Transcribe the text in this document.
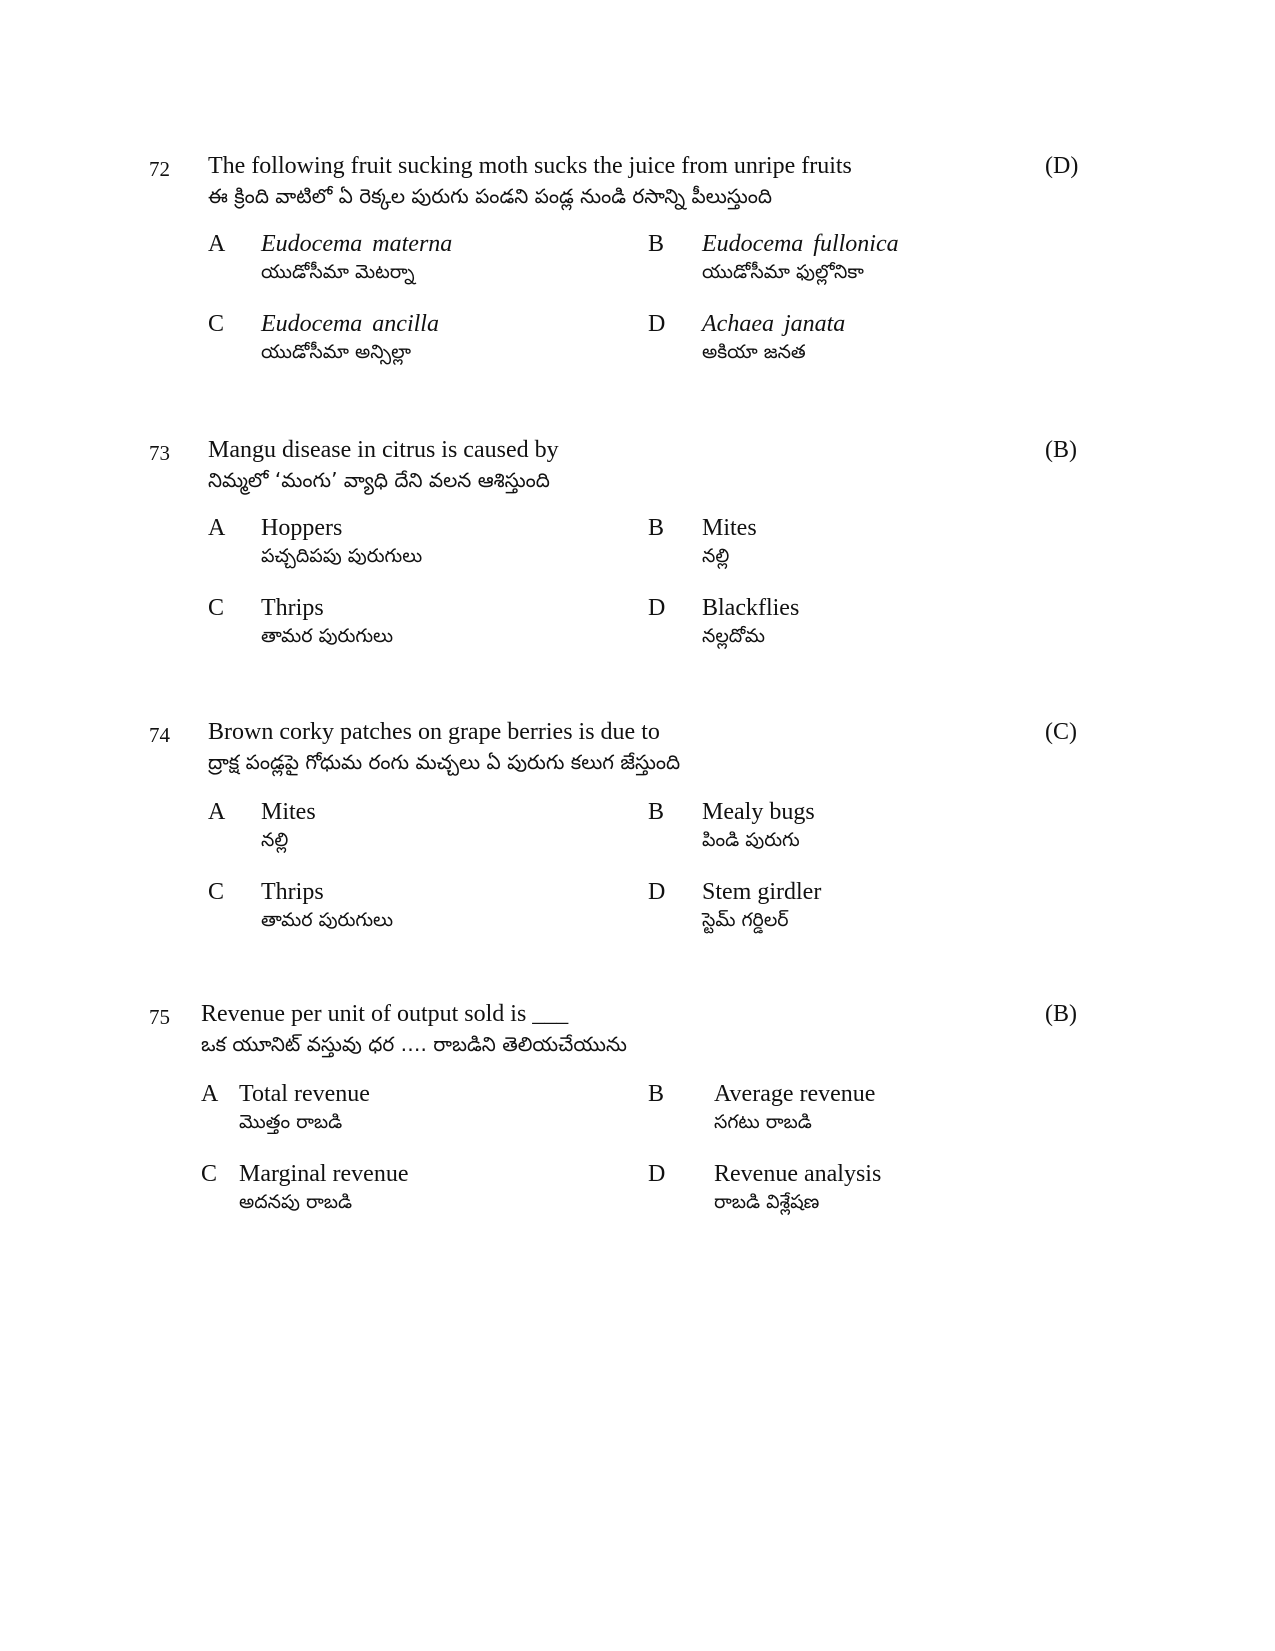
72 The following fruit sucking moth sucks the juice from unripe fruits
ఈ క్రింది వాటిలో ఏ రెక్కల పురుగు పండని పండ్ల నుండి రసాన్ని పీలుస్తుంది
(D)
A Eudocema materna
యుడోసీమా మెటర్నా
B Eudocema fullonica
యుడోసీమా ఫుల్లోనికా
C Eudocema ancilla
యుడోసీమా అన్సిల్లా
D Achaea janata
అకియా జనత
73 Mangu disease in citrus is caused by
నిమ్మలో ‘మంగు’ వ్యాధి దేని వలన ఆశిస్తుంది
(B)
A Hoppers
పచ్చదిపపు పురుగులు
B Mites
నల్లి
C Thrips
తామర పురుగులు
D Blackflies
నల్లదోమ
74 Brown corky patches on grape berries is due to
ద్రాక్ష పండ్లపై గోధుమ రంగు మచ్చలు ఏ పురుగు కలుగ జేస్తుంది
(C)
A Mites
నల్లి
B Mealy bugs
పిండి పురుగు
C Thrips
తామర పురుగులు
D Stem girdler
స్టెమ్ గర్డిలర్
75 Revenue per unit of output sold is ___
ఒక యూనిట్ వస్తువు ధర …. రాబడిని తెలియచేయును
(B)
A Total revenue
మొత్తం రాబడి
B Average revenue
సగటు రాబడి
C Marginal revenue
అదనపు రాబడి
D Revenue analysis
రాబడి విశ్లేషణ
